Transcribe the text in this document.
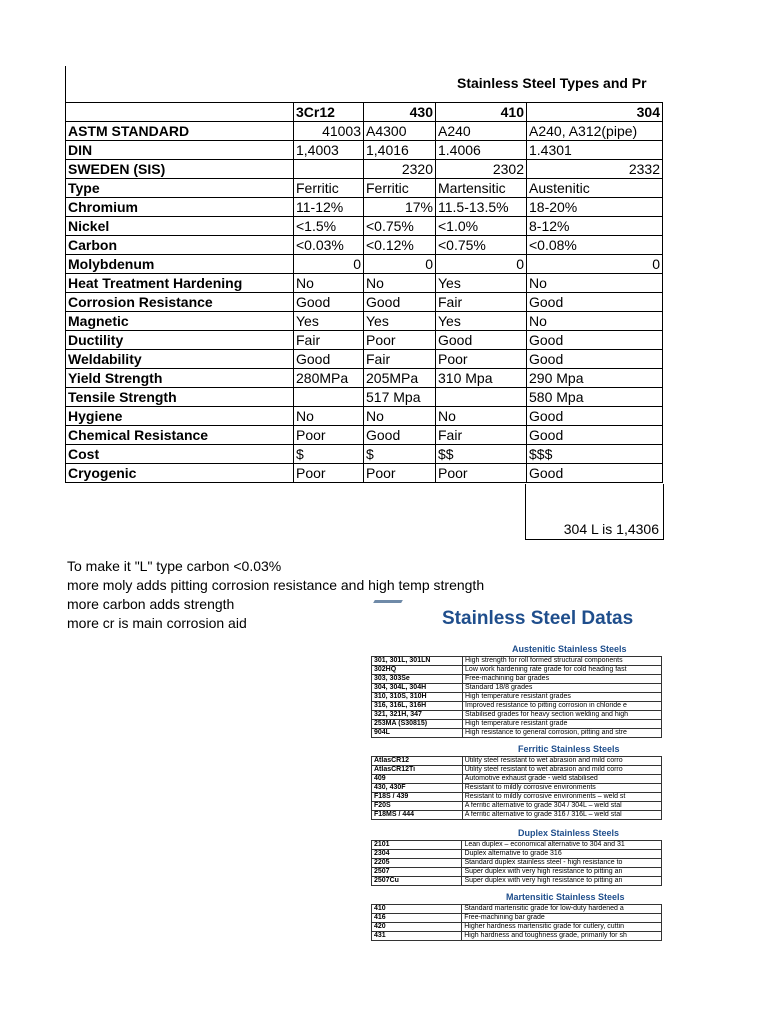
Stainless Steel Types and Pr
	3Cr12	430	410	304
ASTM STANDARD	41003	A4300	A240	A240, A312(pipe)
DIN	1,4003	1,4016	1.4006	1.4301
SWEDEN (SIS)		2320	2302	2332
Type	Ferritic	Ferritic	Martensitic	Austenitic
Chromium	11-12%	17%	11.5-13.5%	18-20%
Nickel	<1.5%	<0.75%	<1.0%	8-12%
Carbon	<0.03%	<0.12%	<0.75%	<0.08%
Molybdenum	0	0	0	0
Heat Treatment Hardening	No	No	Yes	No
Corrosion Resistance	Good	Good	Fair	Good
Magnetic	Yes	Yes	Yes	No
Ductility	Fair	Poor	Good	Good
Weldability	Good	Fair	Poor	Good
Yield Strength	280MPa	205MPa	310 Mpa	290 Mpa
Tensile Strength		517 Mpa		580 Mpa
Hygiene	No	No	No	Good
Chemical Resistance	Poor	Good	Fair	Good
Cost	$	$	$$	$$$
Cryogenic	Poor	Poor	Poor	Good
304 L is 1,4306
To make it "L" type carbon <0.03%
more moly adds pitting corrosion resistance and high temp strength
more carbon adds strength
more cr is main corrosion aid	Stainless Steel Datas
Austenitic Stainless Steels
301, 301L, 301LN	High strength for roll formed structural components
302HQ	Low work hardening rate grade for cold heading fast
303, 303Se	Free-machining bar grades
304, 304L, 304H	Standard 18/8 grades
310, 310S, 310H	High temperature resistant grades
316, 316L, 316H	Improved resistance to pitting corrosion in chloride e
321, 321H, 347	Stabilised grades for heavy section welding and high
253MA (S30815)	High temperature resistant grade
904L	High resistance to general corrosion, pitting and stre
Ferritic Stainless Steels
AtlasCR12	Utility steel resistant to wet abrasion and mild corro
AtlasCR12Ti	Utility steel resistant to wet abrasion and mild corro
409	Automotive exhaust grade - weld stabilised
430, 430F	Resistant to mildly corrosive environments
F18S / 439	Resistant to mildly corrosive environments – weld st
F20S	A ferritic alternative to grade 304 / 304L – weld stal
F18MS / 444	A ferritic alternative to grade 316 / 316L – weld stal
Duplex Stainless Steels
2101	Lean duplex – economical alternative to 304 and 31
2304	Duplex alternative to grade 316
2205	Standard duplex stainless steel - high resistance to
2507	Super duplex with very high resistance to pitting an
2507Cu	Super duplex with very high resistance to pitting an
Martensitic Stainless Steels
410	Standard martensitic grade for low-duty hardened a
416	Free-machining bar grade
420	Higher hardness martensitic grade for cutlery, cuttin
431	High hardness and toughness grade, primarily for sh
